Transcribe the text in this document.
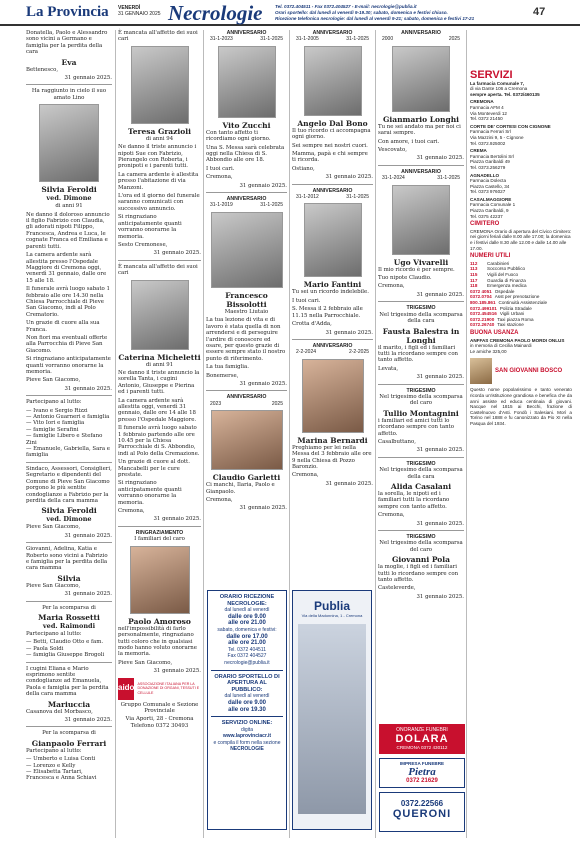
La Provincia VENERDÌ
31 GENNAIO 2025 Necrologie	Tel. 0372.404511 - Fax 0372.404527 - E-mail: necrologie@publia.it
Orari sportello: dal lunedì al venerdì 9-19.30; sabato, domenica e festivi chiuso.
Ricezione telefonica necrologie: dal lunedì al venerdì 9-21; sabato, domenica e festivi 17-21
47

Donatella, Paolo e Alessandro sono vicini a Germano e famiglia per la perdita della cara

Eva

Bettenesco,

31 gennaio 2025.

Ha raggiunto in cielo il suo amato Lino

Silvia Feroldi
ved. Dimone

di anni 91

Ne danno il doloroso annuncio il figlio Fabrizio con Claudia, gli adorati nipoti Filippo, Francesca, Andrea e Luca, le cognate Franca ed Emiliana e parenti tutti.

La camera ardente sarà allestita presso l'Ospedale Maggiore di Cremona oggi, venerdì 31 gennaio, dalle ore 15 alle 18.

Il funerale avrà luogo sabato 1 febbraio alle ore 14.30 nella Chiesa Parrocchiale di Pieve San Giacomo, indi al Polo Crematorio.

Un grazie di cuore alla sua Franca.

Non fiori ma eventuali offerte alla Parrocchia di Pieve San Giacomo.

Si ringraziano anticipatamente quanti vorranno onorarne la memoria.

Pieve San Giacomo,

31 gennaio 2025.

Partecipano al lutto:

— Ivano e Sergio Rizzi

— Antonio Guarneri e famiglia

— Vito Iori e famiglia

— famiglie Serafini

— famiglie Libero e Stefano Zini

— Emanuele, Gabriella, Sara e famiglia

Sindaco, Assessori, Consiglieri, Segretario e dipendenti del Comune di Pieve San Giacomo porgono le più sentite condoglianze a Fabrizio per la perdita della cara mamma

Silvia Feroldi
ved. Dimone

Pieve San Giacomo,

31 gennaio 2025.

Giovanni, Adelina, Katia e Roberto sono vicini a Fabrizio e famiglia per la perdita della cara mamma

Silvia

Pieve San Giacomo,

31 gennaio 2025.

Per la scomparsa di

Maria Rossetti
ved. Raimondi

Partecipano al lutto:

— Betti, Claudio Otto e fam.

— Paola Soldi

— famiglia Giuseppe Brogoli

I cugini Eliana e Mario esprimono sentite condoglianze ad Emanuela, Paola e famiglia per la perdita della cara mamma

Mariuccia

Casanova del Morbasco,

31 gennaio 2025.

Per la scomparsa di

Gianpaolo Ferrari

Partecipano al lutto:

— Umberto e Luisa Conti

— Lorenzo e Kelly

— Elisabetta Tartari, Francesca e Anna Schiavi

È mancata all'affetto dei suoi cari

Teresa Grazioli

di anni 94

Ne danno il triste annuncio i nipoti Sue con Fabrizio, Pierangelo con Roberta, i pronipoti e i parenti tutti.

La camera ardente è allestita presso l'abitazione di via Manzoni.

L'ora ed il giorno del funerale saranno comunicati con successivo annuncio.

Si ringraziano anticipatamente quanti vorranno onorarne la memoria.

Sesto Cremonese,

31 gennaio 2025.

È mancata all'affetto dei suoi cari

Caterina Micheletti

di anni 91

Ne danno il triste annuncio la sorella Tanta, i cugini Antonio, Giuseppe e Pierina ed i parenti tutti.

La camera ardente sarà allestita oggi, venerdì 31 gennaio, dalle ore 14 alle 18 presso l'Ospedale Maggiore.

Il funerale avrà luogo sabato 1 febbraio partendo alle ore 10.45 per la Chiesa Parrocchiale di S. Abbondio, indi al Polo della Cremazione.

Un grazie di cuore al dott. Mancabelli per le cure prestate.

Si ringraziano anticipatamente quanti vorranno onorarne la memoria.

Cremona,

31 gennaio 2025.

RINGRAZIAMENTO

I familiari del caro

Paolo Amoroso

nell'impossibilità di farlo personalmente, ringraziano tutti coloro che in qualsiasi modo hanno voluto onorarne la memoria.

Pieve San Giacomo,

31 gennaio 2025.

aido ASSOCIAZIONE ITALIANA PER LA DONAZIONE DI ORGANI, TESSUTI E CELLULE

Gruppo Comunale e Sezione Provinciale

Via Aporti, 28 - Cremona

Telefono 0372 30493

ANNIVERSARIO
31-1-2023	31-1-2025
Vito Zucchi

Con tanto affetto ti ricordiamo ogni giorno.

Una S. Messa sarà celebrata oggi nella Chiesa di S. Abbondio alle ore 18.

I tuoi cari.

Cremona,

31 gennaio 2025.

ANNIVERSARIO
31-1-2019	31-1-2025
Francesco Bissolotti

Maestro Liutaio

La tua lezione di vita e di lavoro è stata quella di non arrendersi e di perseguire l'ardire di conoscere ed osare, per questo grazie di essere sempre stato il nostro punto di riferimento.

La tua famiglia.

Bonemerse,

31 gennaio 2025.

ANNIVERSARIO
2023	2025
Claudio Garletti

Ci manchi, Ilaria, Paolo e Gianpaolo.

Cremona,

31 gennaio 2025.

ORARIO RICEZIONE NECROLOGIE:
dal lunedì al venerdì
dalle ore 9.00
alle ore 21.00
sabato, domenica e festivi:
dalle ore 17.00
alle ore 21.00
Tel. 0372 404511
Fax 0372 404527
necrologie@publia.it
ORARIO SPORTELLO DI APERTURA AL PUBBLICO:
dal lunedì al venerdì
dalle ore 9.00
alle ore 19.30
SERVIZIO ONLINE:
digita
www.laprovinciacr.it
e compila il form nella sezione
NECROLOGIE
ANNIVERSARIO
31-1-2005	31-1-2025
Angelo Dal Bono

Il tuo ricordo ci accompagna ogni giorno.

Sei sempre nei nostri cuori.

Mamma, papà e chi sempre ti ricorda.

Ostiano,

31 gennaio 2025.

ANNIVERSARIO
31-1-2012	31-1-2025
Mario Fantini

Tu sei un ricordo indelebile.

I tuoi cari.

S. Messa il 2 febbraio alle 11.15 nella Parrocchiale.

Crotta d'Adda,

31 gennaio 2025.

ANNIVERSARIO
2-2-2024	2-2-2025
Marina Bernardi

Preghiamo per lei nella Messa del 3 febbraio alle ore 9 nella Chiesa di Pozzo Baronzio.

Cremona,

31 gennaio 2025.

Publia
Via della Madonnina, 1 - Cremona
ANNIVERSARIO
2000	2025
Gianmario Longhi

Tu ne sei andato ma per noi ci sarai sempre.

Con amore, i tuoi cari.

Vescovato,

31 gennaio 2025.

ANNIVERSARIO
31-1-2024	31-1-2025
Ugo Vivarelli

Il mio ricordo è per sempre.

Tuo nipote Claudio.

Cremona,

31 gennaio 2025.

TRIGESIMO

Nel trigesimo della scomparsa della cara

Fausta Balestra in Longhi

il marito, i figli ed i familiari tutti la ricordano sempre con tanto affetto.

Levata,

31 gennaio 2025.

TRIGESIMO

Nel trigesimo della scomparsa del caro

Tullio Montagnini

i familiari ed amici tutti lo ricordano sempre con tanto affetto.

Casalbuttano,

31 gennaio 2025.

TRIGESIMO

Nel trigesimo della scomparsa della cara

Alida Casalani

la sorella, le nipoti ed i familiari tutti la ricordano sempre con tanto affetto.

Cremona,

31 gennaio 2025.

TRIGESIMO

Nel trigesimo della scomparsa del caro

Giovanni Pola

la moglie, i figli ed i familiari tutti lo ricordano sempre con tanto affetto.

Casteleverde,

31 gennaio 2025.

ONORANZE FUNEBRI
DOLARA
CREMONA 0372 430112
IMPRESA FUNEBRE
Pietra
0372 21629
0372.22566
QUERONI
SERVIZI
La farmacia Comunale 7,
di via Dante 106 a Cremona
sempre aperta. Tel. 0372/460135
CREMONA
Farmacia AFM 4
Via Monteverdi 12
Tel. 0372 21450
CORTE DE' CORTESI CON CIGNONE
Farmacia Ferrari Srl
Via Mazzini 9, 5 - Cignone
Tel. 0372.925002
CREMA
Farmacia Bertolini Srl
Piazza Garibaldi 49
Tel. 0373.256279
AGNADELLO
Farmacia Dolecta
Piazza Castello, 34
Tel. 0373 976027
CASALMAGGIORE
Farmacia Comunale 1
Piazza Garibaldi, 9
Tel. 0375 42237
CIMITERO
CREMONA Orario di apertura del Civico Cimitero: nei giorni feriali dalle 8.00 alle 17.00; la domenica e i festivi dalle 8.30 alle 12.00 e dalle 14.00 alle 17.00.
NUMERI UTILI
112	Carabinieri
113	Soccorso Pubblico
115	Vigili del Fuoco
117	Guardia di Finanza
118	Emergenza medica
0372 4051 Ospedale
0372.0704 Asst per prenotazione
800.185.861 Continuità Assistenziale
0372.499101 Polizia Stradale
0372.454516 Vigili Urbani
0372.21900 Taxi piazza Roma
0372.26740 Taxi stazione
BUONA USANZA
ANFFAS CREMONA PAOLO MORDI ONLUS
in memoria di Cecilia Mainardi
Le amiche 325,00
SAN GIOVANNI BOSCO
Questo nome popolarissimo e tanto venerato ricorda un'istituzione grandiosa e benefica che da anni assiste ed educa centinaia di giovani. Nacque nel 1815 ai Becchi, frazione di Castelnuovo d'Asti. Fondò i Salesiani. Morì a Torino nel 1888 e fu canonizzato da Pio XI nella Pasqua del 1934.
